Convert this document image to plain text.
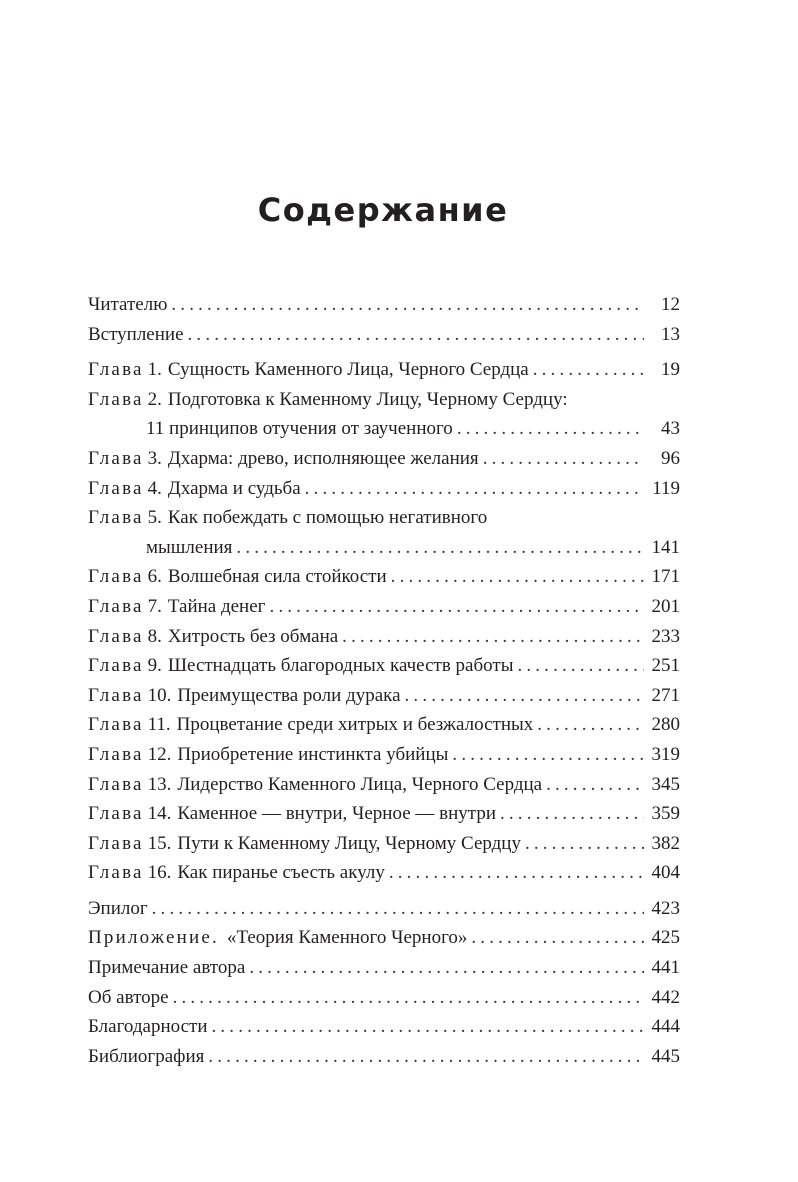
Содержание
Читателю . . .	12
Вступление . . .	13
Глава 1. Сущность Каменного Лица, Черного Сердца . . .	19
Глава 2. Подготовка к Каменному Лицу, Черному Сердцу:
11 принципов отучения от заученного . . .	43
Глава 3. Дхарма: древо, исполняющее желания . . .	96
Глава 4. Дхарма и судьба . . .	119
Глава 5. Как побеждать с помощью негативного
мышления . . .	141
Глава 6. Волшебная сила стойкости . . .	171
Глава 7. Тайна денег . . .	201
Глава 8. Хитрость без обмана . . .	233
Глава 9. Шестнадцать благородных качеств работы . . .	251
Глава 10. Преимущества роли дурака . . .	271
Глава 11. Процветание среди хитрых и безжалостных . . .	280
Глава 12. Приобретение инстинкта убийцы . . .	319
Глава 13. Лидерство Каменного Лица, Черного Сердца . . .	345
Глава 14. Каменное — внутри, Черное — внутри . . .	359
Глава 15. Пути к Каменному Лицу, Черному Сердцу . . .	382
Глава 16. Как пираньe съесть акулу . . .	404
Эпилог . . .	423
Приложение. «Теория Каменного Черного» . . .	425
Примечание автора . . .	441
Об авторе . . .	442
Благодарности . . .	444
Библиография . . .	445
